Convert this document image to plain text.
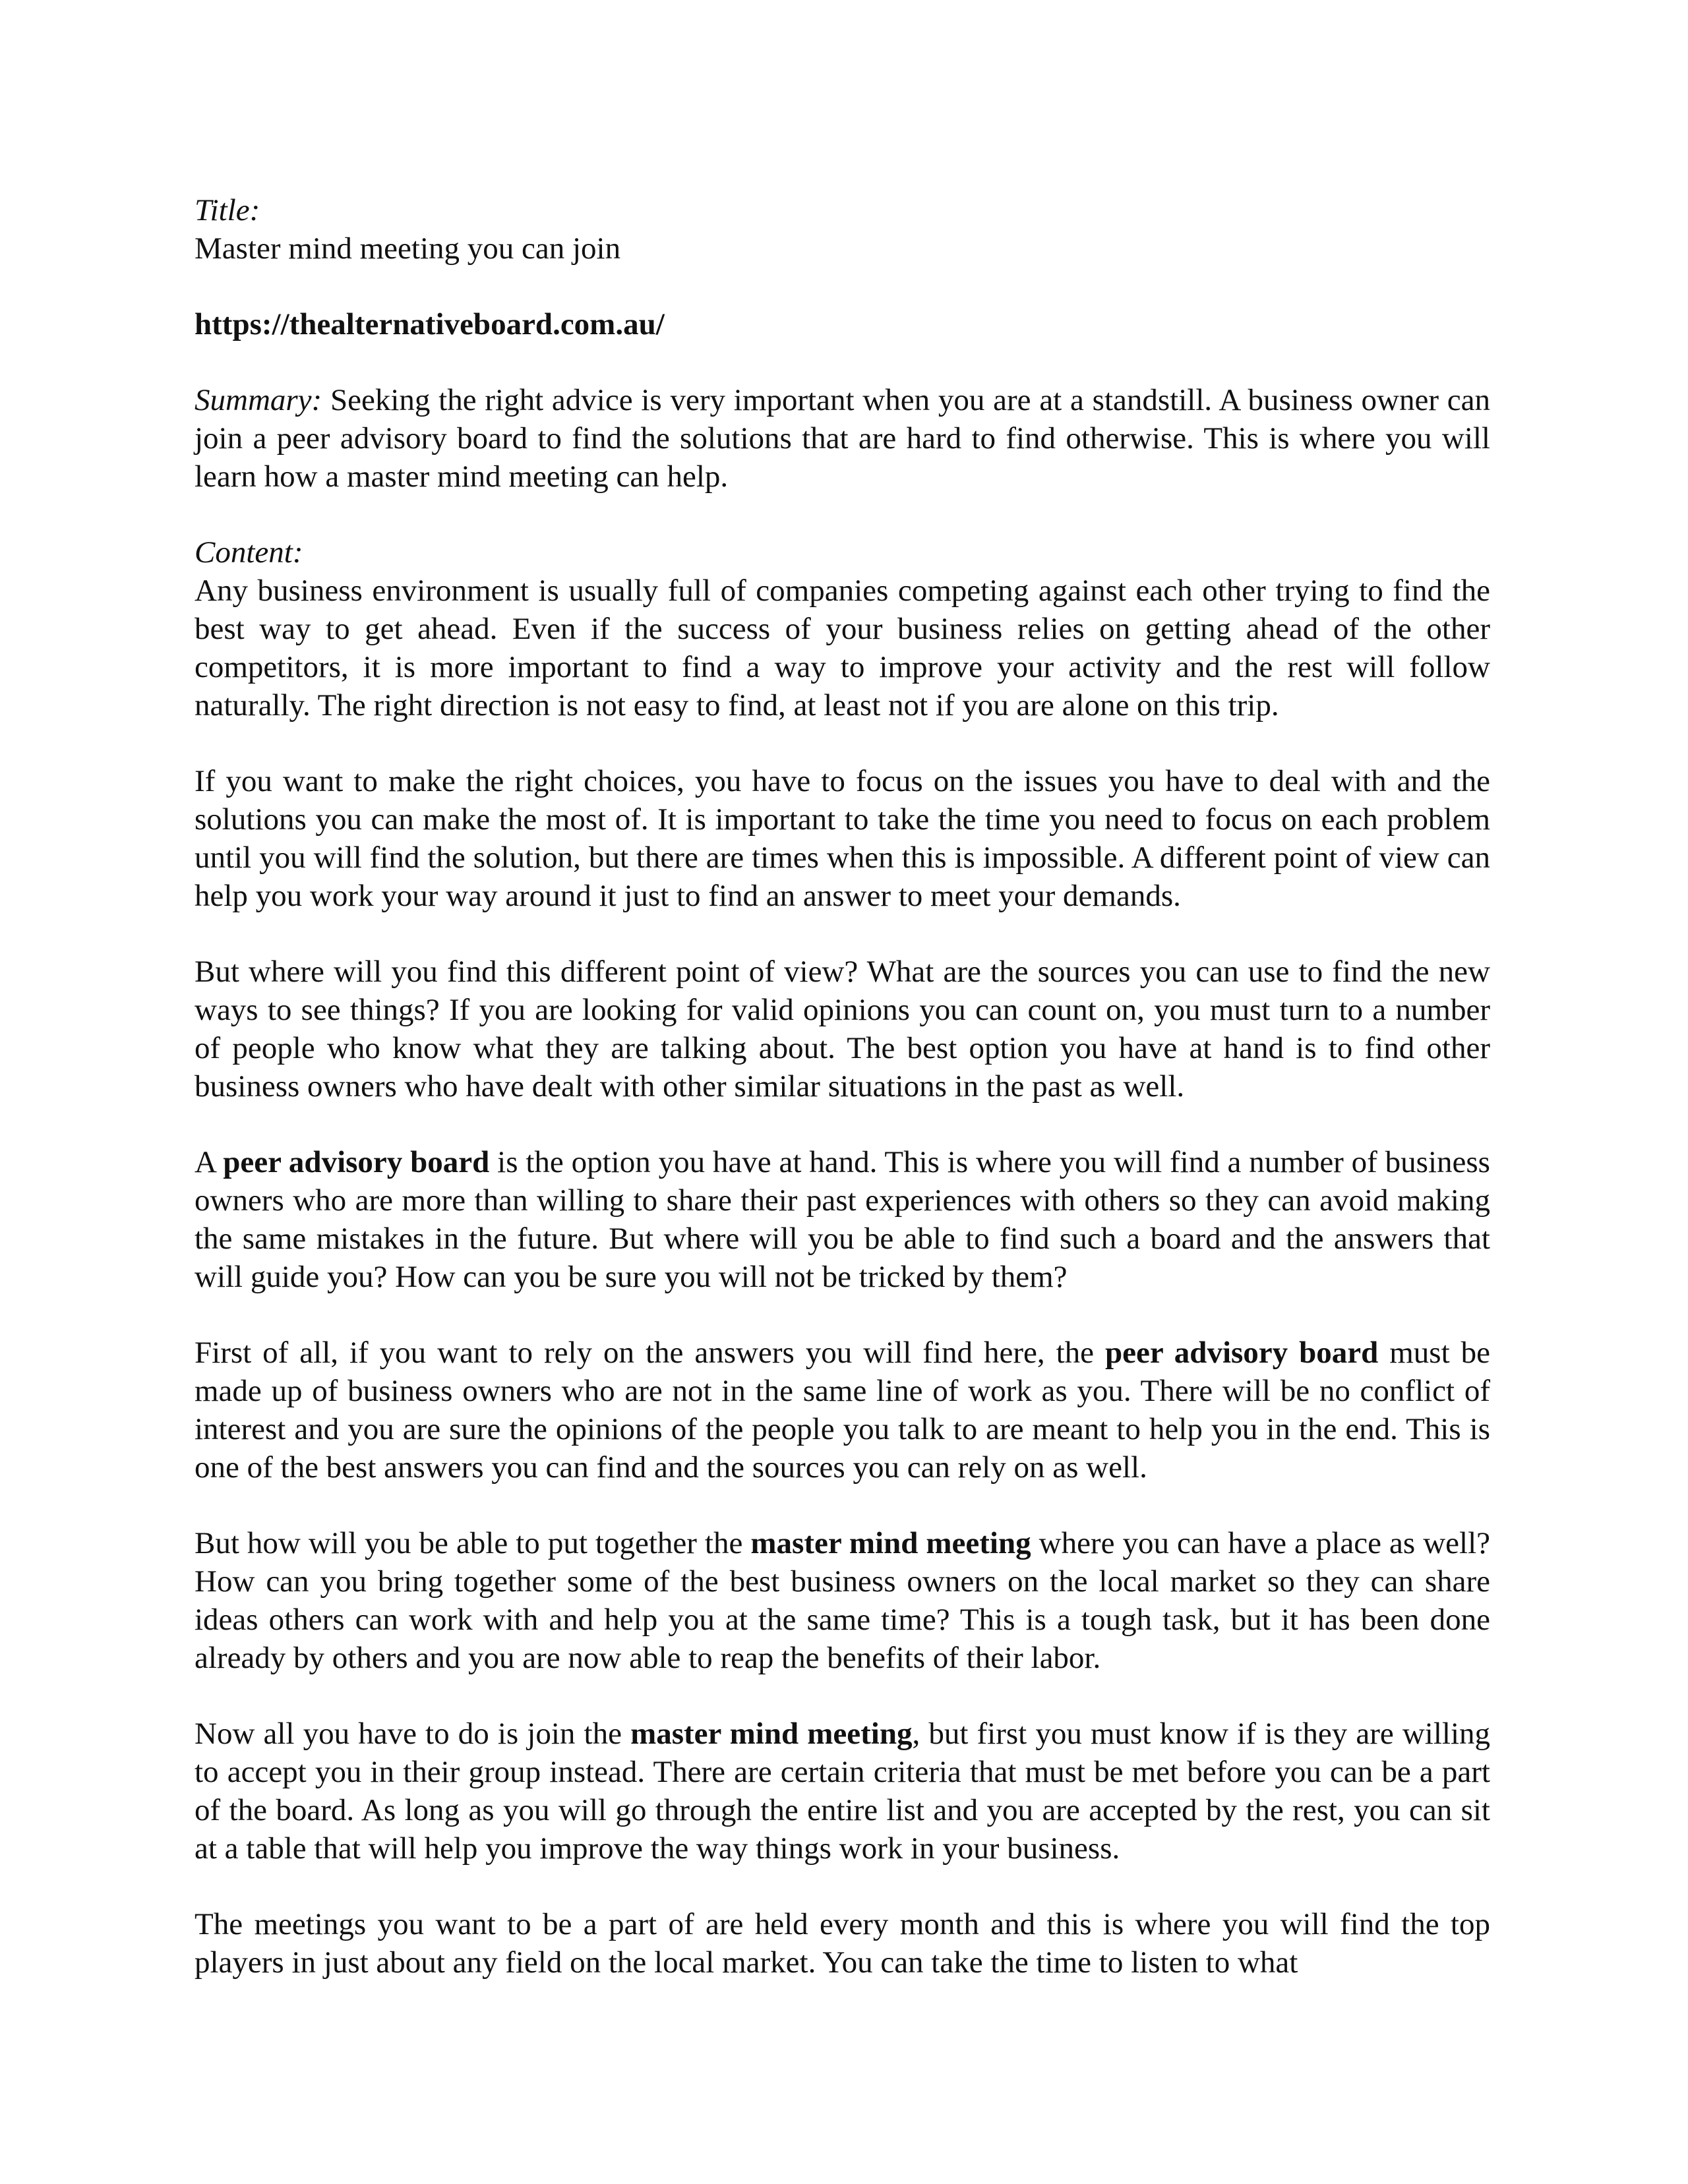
Title:

Master mind meeting you can join

https://thealternativeboard.com.au/

Summary: Seeking the right advice is very important when you are at a standstill. A business owner can join a peer advisory board to find the solutions that are hard to find otherwise. This is where you will learn how a master mind meeting can help.

Content:

Any business environment is usually full of companies competing against each other trying to find the best way to get ahead. Even if the success of your business relies on getting ahead of the other competitors, it is more important to find a way to improve your activity and the rest will follow naturally. The right direction is not easy to find, at least not if you are alone on this trip.

If you want to make the right choices, you have to focus on the issues you have to deal with and the solutions you can make the most of. It is important to take the time you need to focus on each problem until you will find the solution, but there are times when this is impossible. A different point of view can help you work your way around it just to find an answer to meet your demands.

But where will you find this different point of view? What are the sources you can use to find the new ways to see things? If you are looking for valid opinions you can count on, you must turn to a number of people who know what they are talking about. The best option you have at hand is to find other business owners who have dealt with other similar situations in the past as well.

A peer advisory board is the option you have at hand. This is where you will find a number of business owners who are more than willing to share their past experiences with others so they can avoid making the same mistakes in the future. But where will you be able to find such a board and the answers that will guide you? How can you be sure you will not be tricked by them?

First of all, if you want to rely on the answers you will find here, the peer advisory board must be made up of business owners who are not in the same line of work as you. There will be no conflict of interest and you are sure the opinions of the people you talk to are meant to help you in the end. This is one of the best answers you can find and the sources you can rely on as well.

But how will you be able to put together the master mind meeting where you can have a place as well? How can you bring together some of the best business owners on the local market so they can share ideas others can work with and help you at the same time? This is a tough task, but it has been done already by others and you are now able to reap the benefits of their labor.

Now all you have to do is join the master mind meeting, but first you must know if is they are willing to accept you in their group instead. There are certain criteria that must be met before you can be a part of the board. As long as you will go through the entire list and you are accepted by the rest, you can sit at a table that will help you improve the way things work in your business.

The meetings you want to be a part of are held every month and this is where you will find the top players in just about any field on the local market. You can take the time to listen to what
